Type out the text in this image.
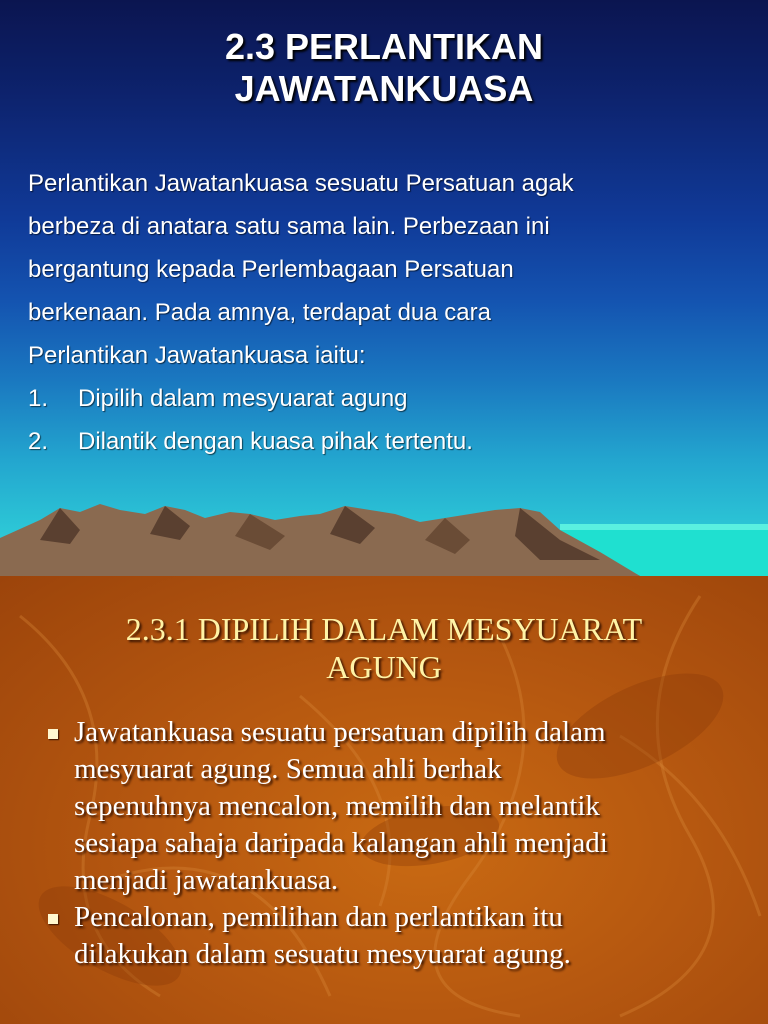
2.3 PERLANTIKAN
JAWATANKUASA
Perlantikan Jawatankuasa sesuatu Persatuan agak
berbeza di anatara satu sama lain. Perbezaan ini
bergantung kepada Perlembagaan Persatuan
berkenaan. Pada amnya, terdapat dua cara
Perlantikan Jawatankuasa iaitu:
1.	Dipilih dalam mesyuarat agung
2.	Dilantik dengan kuasa pihak tertentu.
2.3.1 DIPILIH DALAM MESYUARAT
AGUNG
Jawatankuasa sesuatu persatuan dipilih dalam
mesyuarat agung. Semua ahli berhak
sepenuhnya mencalon, memilih dan melantik
sesiapa sahaja daripada kalangan ahli menjadi
menjadi jawatankuasa.
Pencalonan, pemilihan dan perlantikan itu
dilakukan dalam sesuatu mesyuarat agung.
